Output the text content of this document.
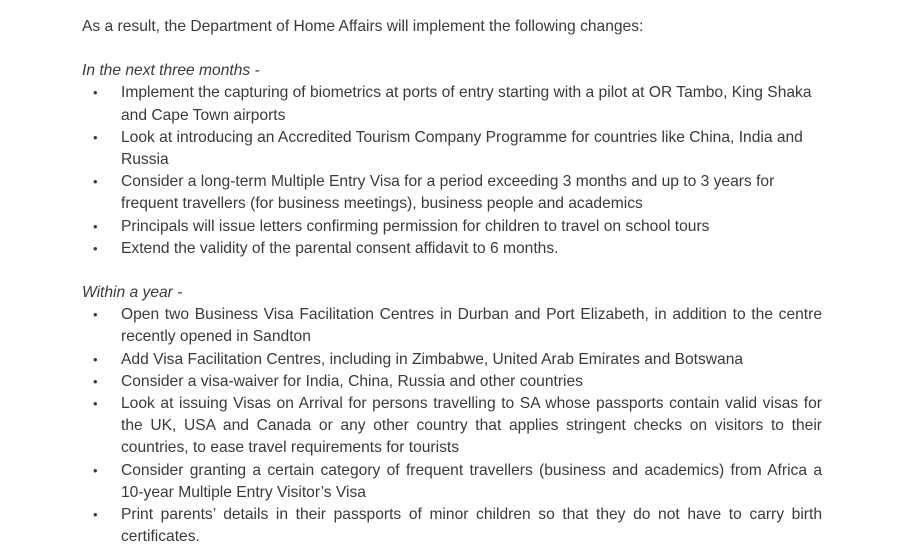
As a result, the Department of Home Affairs will implement the following changes:

In the next three months -

• Implement the capturing of biometrics at ports of entry starting with a pilot at OR Tambo, King Shaka and Cape Town airports
• Look at introducing an Accredited Tourism Company Programme for countries like China, India and Russia
• Consider a long-term Multiple Entry Visa for a period exceeding 3 months and up to 3 years for frequent travellers (for business meetings), business people and academics
• Principals will issue letters confirming permission for children to travel on school tours
• Extend the validity of the parental consent affidavit to 6 months.

Within a year -

• Open two Business Visa Facilitation Centres in Durban and Port Elizabeth, in addition to the centre recently opened in Sandton
• Add Visa Facilitation Centres, including in Zimbabwe, United Arab Emirates and Botswana
• Consider a visa-waiver for India, China, Russia and other countries
• Look at issuing Visas on Arrival for persons travelling to SA whose passports contain valid visas for the UK, USA and Canada or any other country that applies stringent checks on visitors to their countries, to ease travel requirements for tourists
• Consider granting a certain category of frequent travellers (business and academics) from Africa a 10-year Multiple Entry Visitor’s Visa
• Print parents’ details in their passports of minor children so that they do not have to carry birth certificates.
